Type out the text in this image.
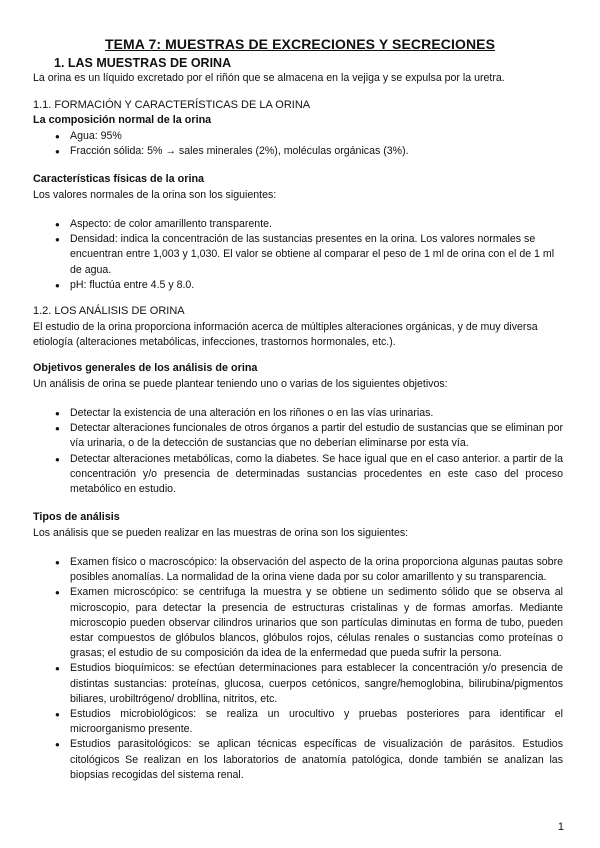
TEMA 7: MUESTRAS DE EXCRECIONES Y SECRECIONES
1. LAS MUESTRAS DE ORINA
La orina es un líquido excretado por el riñón que se almacena en la vejiga y se expulsa por la uretra.
1.1. FORMACIÓN Y CARACTERÍSTICAS DE LA ORINA
La composición normal de la orina
● Agua: 95%
● Fracción sólida: 5% → sales minerales (2%), moléculas orgánicas (3%).
Características físicas de la orina
Los valores normales de la orina son los siguientes:
● Aspecto: de color amarillento transparente.
● Densidad: indica la concentración de las sustancias presentes en la orina. Los valores normales se encuentran entre 1,003 y 1,030. El valor se obtiene al comparar el peso de 1 ml de orina con el de 1 ml de agua.
● pH: fluctúa entre 4.5 y 8.0.
1.2. LOS ANÁLISIS DE ORINA
El estudio de la orina proporciona información acerca de múltiples alteraciones orgánicas, y de muy diversa etiología (alteraciones metabólicas, infecciones, trastornos hormonales, etc.).
Objetivos generales de los análisis de orina
Un análisis de orina se puede plantear teniendo uno o varias de los siguientes objetivos:
● Detectar la existencia de una alteración en los riñones o en las vías urinarias.
● Detectar alteraciones funcionales de otros órganos a partir del estudio de sustancias que se eliminan por vía urinaria, o de la detección de sustancias que no deberían eliminarse por esta vía.
● Detectar alteraciones metabólicas, como la diabetes. Se hace igual que en el caso anterior. a partir de la concentración y/o presencia de determinadas sustancias procedentes en este caso del proceso metabólico en estudio.
Tipos de análisis
Los análisis que se pueden realizar en las muestras de orina son los siguientes:
● Examen físico o macroscópico: la observación del aspecto de la orina proporciona algunas pautas sobre posibles anomalías. La normalidad de la orina viene dada por su color amarillento y su transparencia.
● Examen microscópico: se centrifuga la muestra y se obtiene un sedimento sólido que se observa al microscopio, para detectar la presencia de estructuras cristalinas y de formas amorfas. Mediante microscopio pueden observar cilindros urinarios que son partículas diminutas en forma de tubo, pueden estar compuestos de glóbulos blancos, glóbulos rojos, células renales o sustancias como proteínas o grasas; el estudio de su composición da idea de la enfermedad que pueda sufrir la persona.
● Estudios bioquímicos: se efectúan determinaciones para establecer la concentración y/o presencia de distintas sustancias: proteínas, glucosa, cuerpos cetónicos, sangre/hemoglobina, bilirubina/pigmentos biliares, urobiltrógeno/ drobllina, nitritos, etc.
● Estudios microbiológicos: se realiza un urocultivo y pruebas posteriores para identificar el microorganismo presente.
● Estudios parasitológicos: se aplican técnicas específicas de visualización de parásitos. Estudios citológicos Se realizan en los laboratorios de anatomía patológica, donde también se analizan las biopsias recogidas del sistema renal.
1
